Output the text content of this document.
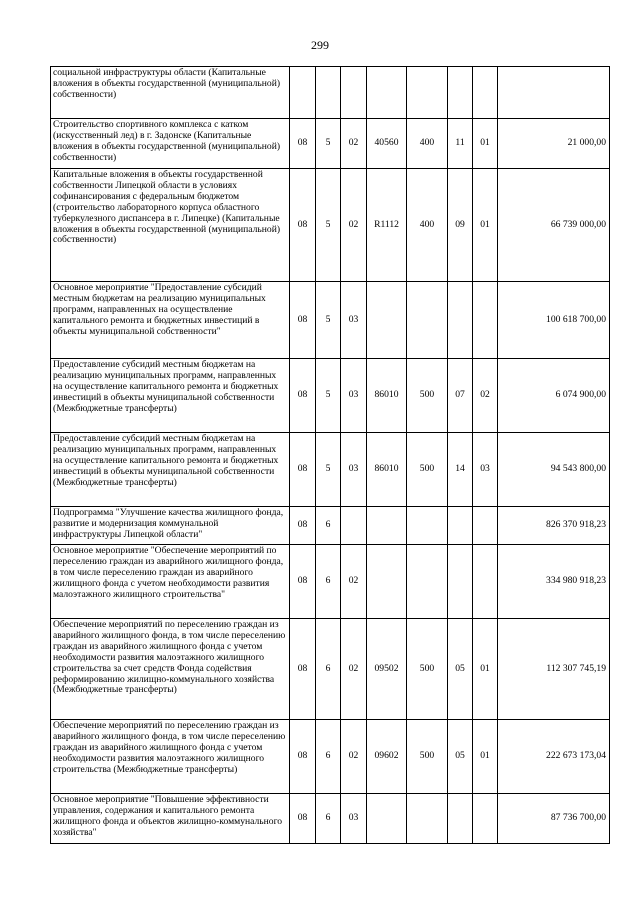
299
социальной инфраструктуры области (Капитальные вложения в объекты государственной (муниципальной) собственности)								
Строительство спортивного комплекса с катком (искусственный лед) в г. Задонске (Капитальные вложения в объекты государственной (муниципальной) собственности)	08	5	02	40560	400	11	01	21 000,00
Капитальные вложения в объекты государственной собственности Липецкой области в условиях софинансирования с федеральным бюджетом (строительство лабораторного корпуса областного туберкулезного диспансера в г. Липецке) (Капитальные вложения в объекты государственной (муниципальной) собственности)	08	5	02	R1112	400	09	01	66 739 000,00
Основное мероприятие "Предоставление субсидий местным бюджетам на реализацию муниципальных программ, направленных на осуществление капитального ремонта и бюджетных инвестиций в объекты муниципальной собственности"	08	5	03					100 618 700,00
Предоставление субсидий местным бюджетам на реализацию муниципальных программ, направленных на осуществление капитального ремонта и бюджетных инвестиций в объекты муниципальной собственности (Межбюджетные трансферты)	08	5	03	86010	500	07	02	6 074 900,00
Предоставление субсидий местным бюджетам на реализацию муниципальных программ, направленных на осуществление капитального ремонта и бюджетных инвестиций в объекты муниципальной собственности (Межбюджетные трансферты)	08	5	03	86010	500	14	03	94 543 800,00
Подпрограмма "Улучшение качества жилищного фонда, развитие и модернизация коммунальной инфраструктуры Липецкой области"	08	6						826 370 918,23
Основное мероприятие "Обеспечение мероприятий по переселению граждан из аварийного жилищного фонда, в том числе переселению граждан из аварийного жилищного фонда с учетом необходимости развития малоэтажного жилищного строительства"	08	6	02					334 980 918,23
Обеспечение мероприятий по переселению граждан из аварийного жилищного фонда, в том числе переселению граждан из аварийного жилищного фонда с учетом необходимости развития малоэтажного жилищного строительства за счет средств Фонда содействия реформированию жилищно-коммунального хозяйства (Межбюджетные трансферты)	08	6	02	09502	500	05	01	112 307 745,19
Обеспечение мероприятий по переселению граждан из аварийного жилищного фонда, в том числе переселению граждан из аварийного жилищного фонда с учетом необходимости развития малоэтажного жилищного строительства (Межбюджетные трансферты)	08	6	02	09602	500	05	01	222 673 173,04
Основное мероприятие "Повышение эффективности управления, содержания и капитального ремонта жилищного фонда и объектов жилищно-коммунального хозяйства"	08	6	03					87 736 700,00
